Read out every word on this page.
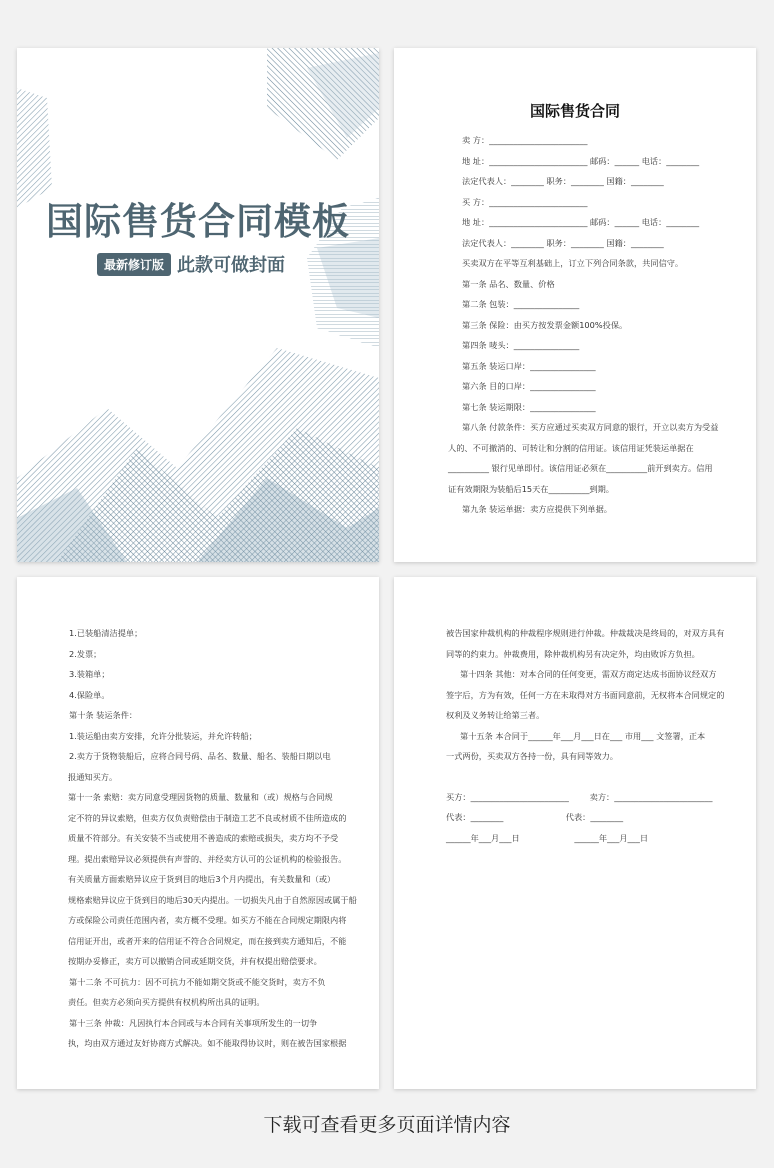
国际售货合同模板
最新修订版 此款可做封面
国际售货合同
卖 方：________________________
地 址：________________________ 邮码：______ 电话：________
法定代表人：________ 职务：________ 国籍：________
买 方：________________________
地 址：________________________ 邮码：______ 电话：________
法定代表人：________ 职务：________ 国籍：________
买卖双方在平等互利基础上，订立下列合同条款，共同信守。
第一条 品名、数量、价格
第二条 包装：________________
第三条 保险：由买方按发票金额100%投保。
第四条 唛头：________________
第五条 装运口岸：________________
第六条 目的口岸：________________
第七条 装运期限：________________
第八条 付款条件：买方应通过买卖双方同意的银行，开立以卖方为受益
人的、不可撤消的、可转让和分割的信用证。该信用证凭装运单据在
__________ 银行见单即付。该信用证必须在__________前开到卖方。信用
证有效期限为装船后15天在__________到期。
第九条 装运单据：卖方应提供下列单据。
1.已装船清洁提单；
2.发票；
3.装箱单；
4.保险单。
第十条 装运条件：
1.装运船由卖方安排，允许分批装运，并允许转船；
2.卖方于货物装船后，应将合同号码、品名、数量、船名、装船日期以电
报通知买方。
第十一条 索赔：卖方同意受理因货物的质量、数量和（或）规格与合同规
定不符的异议索赔，但卖方仅负责赔偿由于制造工艺不良或材质不佳所造成的
质量不符部分。有关安装不当或使用不善造成的索赔或损失，卖方均不予受
理。提出索赔异议必须提供有声誉的、并经卖方认可的公证机构的检验报告。
有关质量方面索赔异议应于货到目的地后3个月内提出，有关数量和（或）
规格索赔异议应于货到目的地后30天内提出。一切损失凡由于自然原因或属于船
方或保险公司责任范围内者，卖方概不受理。如买方不能在合同规定期限内将
信用证开出，或者开来的信用证不符合合同规定，而在接到卖方通知后，不能
按期办妥修正，卖方可以撤销合同或延期交货，并有权提出赔偿要求。
第十二条 不可抗力：因不可抗力不能如期交货或不能交货时，卖方不负
责任。但卖方必须向买方提供有权机构所出具的证明。
第十三条 仲裁：凡因执行本合同或与本合同有关事项所发生的一切争
执，均由双方通过友好协商方式解决。如不能取得协议时，则在被告国家根据
被告国家仲裁机构的仲裁程序规则进行仲裁。仲裁裁决是终局的，对双方具有
同等的约束力。仲裁费用，除仲裁机构另有决定外，均由败诉方负担。
第十四条 其他：对本合同的任何变更，需双方商定达成书面协议经双方
签字后，方为有效，任何一方在未取得对方书面同意前，无权将本合同规定的
权利及义务转让给第三者。
第十五条 本合同于______年___月___日在___ 市用___ 文签署，正本
一式两份，买卖双方各持一份，具有同等效力。
买方：________________________        卖方：________________________
代表：________                        代表：________
______年___月___日                     ______年___月___日
下载可查看更多页面详情内容
